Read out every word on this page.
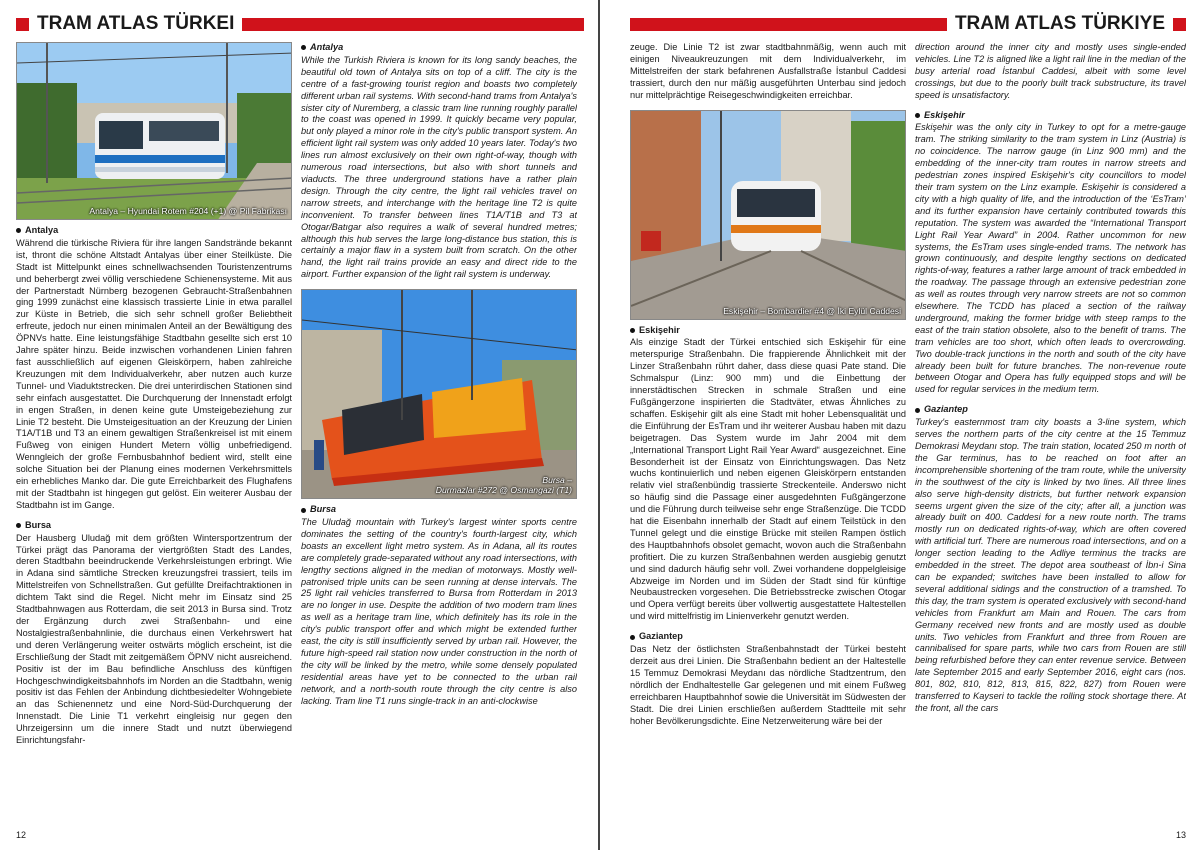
TRAM ATLAS TÜRKEI
Antalya – Hyundai Rotem #204 (+1) @ Pil Fabrikası
Antalya

Während die türkische Riviera für ihre langen Sandstrände bekannt ist, thront die schöne Altstadt Antalyas über einer Steilküste. Die Stadt ist Mittelpunkt eines schnellwachsenden Touristenzentrums und beherbergt zwei völlig verschiedene Schienensysteme. Mit aus der Partnerstadt Nürnberg bezogenen Gebraucht-Straßenbahnen ging 1999 zunächst eine klassisch trassierte Linie in etwa parallel zur Küste in Betrieb, die sich sehr schnell großer Beliebtheit erfreute, jedoch nur einen minimalen Anteil an der Bewältigung des ÖPNVs hatte. Eine leistungsfähige Stadtbahn gesellte sich erst 10 Jahre später hinzu. Beide inzwischen vorhandenen Linien fahren fast ausschließlich auf eigenen Gleiskörpern, haben zahlreiche Kreuzungen mit dem Individualverkehr, aber nutzen auch kurze Tunnel- und Viaduktstrecken. Die drei unterirdischen Stationen sind sehr einfach ausgestattet. Die Durchquerung der Innenstadt erfolgt in engen Straßen, in denen keine gute Umsteigebeziehung zur Linie T2 besteht. Die Umsteigesituation an der Kreuzung der Linien T1A/T1B und T3 an einem gewaltigen Straßenkreisel ist mit einem Fußweg von einigen Hundert Metern völlig unbefriedigend. Wenngleich der große Fernbusbahnhof bedient wird, stellt eine solche Situation bei der Planung eines modernen Verkehrsmittels ein erhebliches Manko dar. Die gute Erreichbarkeit des Flughafens mit der Stadtbahn ist hingegen gut gelöst. Ein weiterer Ausbau der Stadtbahn ist im Gange.

Bursa

Der Hausberg Uludağ mit dem größten Wintersportzentrum der Türkei prägt das Panorama der viertgrößten Stadt des Landes, deren Stadtbahn beeindruckende Verkehrsleistungen erbringt. Wie in Adana sind sämtliche Strecken kreuzungsfrei trassiert, teils im Mittelstreifen von Schnellstraßen. Gut gefüllte Dreifachtraktionen in dichtem Takt sind die Regel. Nicht mehr im Einsatz sind 25 Stadtbahnwagen aus Rotterdam, die seit 2013 in Bursa sind. Trotz der Ergänzung durch zwei Straßenbahn- und eine Nostalgiestraßenbahnlinie, die durchaus einen Verkehrswert hat und deren Verlängerung weiter ostwärts möglich erscheint, ist die Erschließung der Stadt mit zeitgemäßem ÖPNV nicht ausreichend. Positiv ist der im Bau befindliche Anschluss des künftigen Hochgeschwindigkeitsbahnhofs im Norden an die Stadtbahn, wenig positiv ist das Fehlen der Anbindung dichtbesiedelter Wohngebiete an das Schienennetz und eine Nord-Süd-Durchquerung der Innenstadt. Die Linie T1 verkehrt eingleisig nur gegen den Uhrzeigersinn um die innere Stadt und nutzt überwiegend Einrichtungsfahr-

Antalya

While the Turkish Riviera is known for its long sandy beaches, the beautiful old town of Antalya sits on top of a cliff. The city is the centre of a fast-growing tourist region and boasts two completely different urban rail systems. With second-hand trams from Antalya's sister city of Nuremberg, a classic tram line running roughly parallel to the coast was opened in 1999. It quickly became very popular, but only played a minor role in the city's public transport system. An efficient light rail system was only added 10 years later. Today's two lines run almost exclusively on their own right-of-way, though with numerous road intersections, but also with short tunnels and viaducts. The three underground stations have a rather plain design. Through the city centre, the light rail vehicles travel on narrow streets, and interchange with the heritage line T2 is quite inconvenient. To transfer between lines T1A/T1B and T3 at Otogar/Batıgar also requires a walk of several hundred metres; although this hub serves the large long-distance bus station, this is certainly a major flaw in a system built from scratch. On the other hand, the light rail trains provide an easy and direct ride to the airport. Further expansion of the light rail system is underway.

Bursa –
Durmazlar #272 @ Osmangazi (T1)
Bursa

The Uludağ mountain with Turkey's largest winter sports centre dominates the setting of the country's fourth-largest city, which boasts an excellent light metro system. As in Adana, all its routes are completely grade-separated without any road intersections, with lengthy sections aligned in the median of motorways. Mostly well-patronised triple units can be seen running at dense intervals. The 25 light rail vehicles transferred to Bursa from Rotterdam in 2013 are no longer in use. Despite the addition of two modern tram lines as well as a heritage tram line, which definitely has its role in the city's public transport offer and which might be extended further east, the city is still insufficiently served by urban rail. However, the future high-speed rail station now under construction in the north of the city will be linked by the metro, while some densely populated residential areas have yet to be connected to the urban rail network, and a north-south route through the city centre is also lacking. Tram line T1 runs single-track in an anti-clockwise

12
TRAM ATLAS TÜRKIYE

zeuge. Die Linie T2 ist zwar stadtbahnmäßig, wenn auch mit einigen Niveaukreuzungen mit dem Individualverkehr, im Mittelstreifen der stark befahrenen Ausfallstraße İstanbul Caddesi trassiert, durch den nur mäßig ausgeführten Unterbau sind jedoch nur mittelprächtige Reisegeschwindigkeiten erreichbar.

Eskişehir – Bombardier #4 @ İki Eylül Caddesi
Eskişehir

Als einzige Stadt der Türkei entschied sich Eskişehir für eine meterspurige Straßenbahn. Die frappierende Ähnlichkeit mit der Linzer Straßenbahn rührt daher, dass diese quasi Pate stand. Die Schmalspur (Linz: 900 mm) und die Einbettung der innerstädtischen Strecken in schmale Straßen und eine Fußgängerzone inspirierten die Stadtväter, etwas Ähnliches zu schaffen. Eskişehir gilt als eine Stadt mit hoher Lebensqualität und die Einführung der EsTram und ihr weiterer Ausbau haben mit dazu beigetragen. Das System wurde im Jahr 2004 mit dem „International Transport Light Rail Year Award“ ausgezeichnet. Eine Besonderheit ist der Einsatz von Einrichtungswagen. Das Netz wuchs kontinuierlich und neben eigenen Gleiskörpern entstanden relativ viel straßenbündig trassierte Streckenteile. Anderswo nicht so häufig sind die Passage einer ausgedehnten Fußgängerzone und die Führung durch teilweise sehr enge Straßenzüge. Die TCDD hat die Eisenbahn innerhalb der Stadt auf einem Teilstück in den Tunnel gelegt und die einstige Brücke mit steilen Rampen östlich des Hauptbahnhofs obsolet gemacht, wovon auch die Straßenbahn profitiert. Die zu kurzen Straßenbahnen werden ausgiebig genutzt und sind dadurch häufig sehr voll. Zwei vorhandene doppelgleisige Abzweige im Norden und im Süden der Stadt sind für künftige Neubaustrecken vorgesehen. Die Betriebsstrecke zwischen Otogar und Opera verfügt bereits über vollwertig ausgestattete Haltestellen und wird mittelfristig im Linienverkehr genutzt werden.

Gaziantep

Das Netz der östlichsten Straßenbahnstadt der Türkei besteht derzeit aus drei Linien. Die Straßenbahn bedient an der Haltestelle 15 Temmuz Demokrasi Meydanı das nördliche Stadtzentrum, den nördlich der Endhaltestelle Gar gelegenen und mit einem Fußweg erreichbaren Hauptbahnhof sowie die Universität im Südwesten der Stadt. Die drei Linien erschließen außerdem Stadtteile mit sehr hoher Bevölkerungsdichte. Eine Netzerweiterung wäre bei der

direction around the inner city and mostly uses single-ended vehicles. Line T2 is aligned like a light rail line in the median of the busy arterial road İstanbul Caddesi, albeit with some level crossings, but due to the poorly built track substructure, its travel speed is unsatisfactory.

Eskişehir

Eskişehir was the only city in Turkey to opt for a metre-gauge tram. The striking similarity to the tram system in Linz (Austria) is no coincidence. The narrow gauge (in Linz 900 mm) and the embedding of the inner-city tram routes in narrow streets and pedestrian zones inspired Eskişehir's city councillors to model their tram system on the Linz example. Eskişehir is considered a city with a high quality of life, and the introduction of the ‘EsTram’ and its further expansion have certainly contributed towards this reputation. The system was awarded the “International Transport Light Rail Year Award” in 2004. Rather uncommon for new systems, the EsTram uses single-ended trams. The network has grown continuously, and despite lengthy sections on dedicated rights-of-way, features a rather large amount of track embedded in the roadway. The passage through an extensive pedestrian zone as well as routes through very narrow streets are not so common elsewhere. The TCDD has placed a section of the railway underground, making the former bridge with steep ramps to the east of the train station obsolete, also to the benefit of trams. The tram vehicles are too short, which often leads to overcrowding. Two double-track junctions in the north and south of the city have already been built for future branches. The non-revenue route between Otogar and Opera has fully equipped stops and will be used for regular services in the medium term.

Gaziantep

Turkey's easternmost tram city boasts a 3-line system, which serves the northern parts of the city centre at the 15 Temmuz Demokrasi Meydanı stop. The train station, located 250 m north of the Gar terminus, has to be reached on foot after an incomprehensible shortening of the tram route, while the university in the southwest of the city is linked by two lines. All three lines also serve high-density districts, but further network expansion seems urgent given the size of the city; after all, a junction was already built on 400. Caddesi for a new route north. The trams mostly run on dedicated rights-of-way, which are often covered with artificial turf. There are numerous road intersections, and on a longer section leading to the Adliye terminus the tracks are embedded in the street. The depot area southeast of İbn-i Sina can be expanded; switches have been installed to allow for several additional sidings and the construction of a tramshed. To this day, the tram system is operated exclusively with second-hand vehicles from Frankfurt am Main and Rouen. The cars from Germany received new fronts and are mostly used as double units. Two vehicles from Frankfurt and three from Rouen are cannibalised for spare parts, while two cars from Rouen are still being refurbished before they can enter revenue service. Between late September 2015 and early September 2016, eight cars (nos. 801, 802, 810, 812, 813, 815, 822, 827) from Rouen were transferred to Kayseri to tackle the rolling stock shortage there. At the front, all the cars

13
